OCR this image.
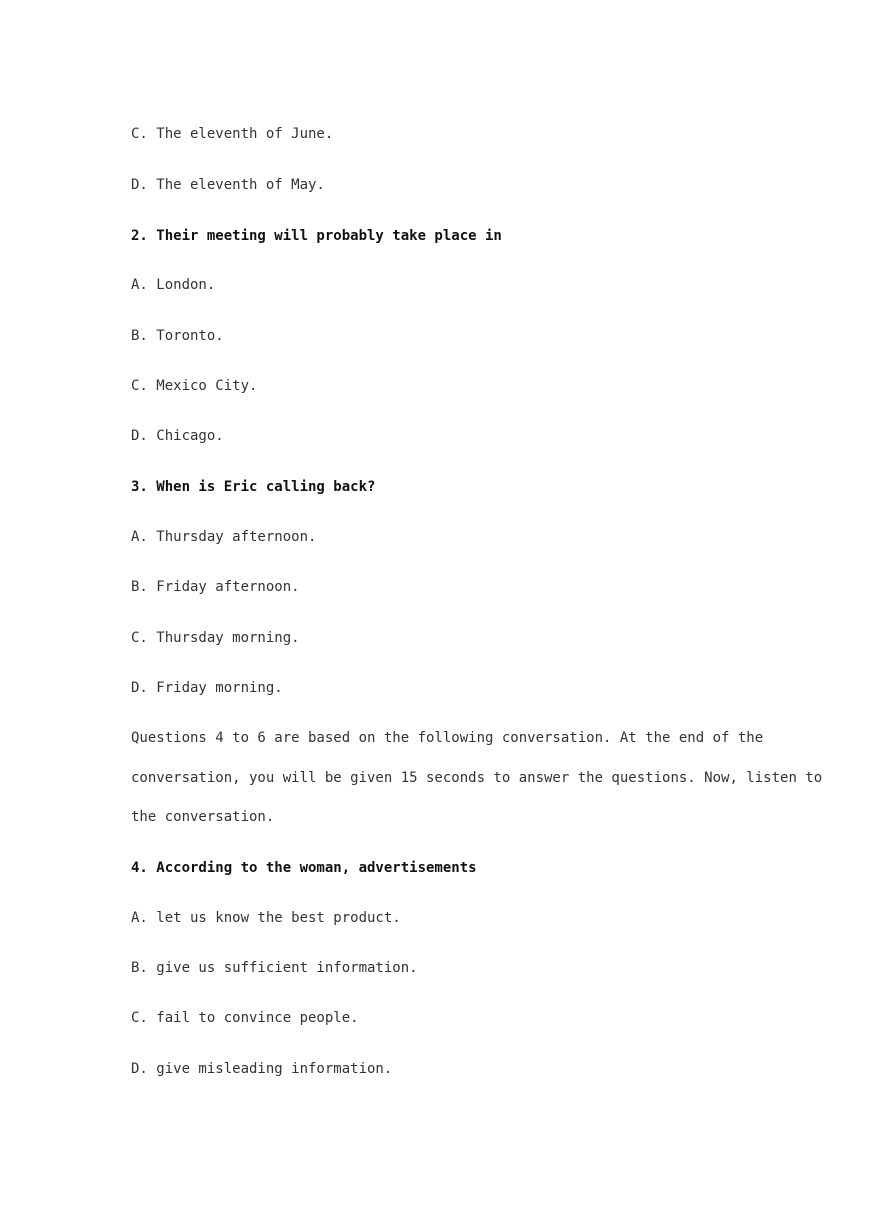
C. The eleventh of June.
D. The eleventh of May.
2. Their meeting will probably take place in
A. London.
B. Toronto.
C. Mexico City.
D. Chicago.
3. When is Eric calling back?
A. Thursday afternoon.
B. Friday afternoon.
C. Thursday morning.
D. Friday morning.
Questions 4 to 6 are based on the following conversation. At the end of the
conversation, you will be given 15 seconds to answer the questions. Now, listen to
the conversation.
4. According to the woman, advertisements
A. let us know the best product.
B. give us sufficient information.
C. fail to convince people.
D. give misleading information.
